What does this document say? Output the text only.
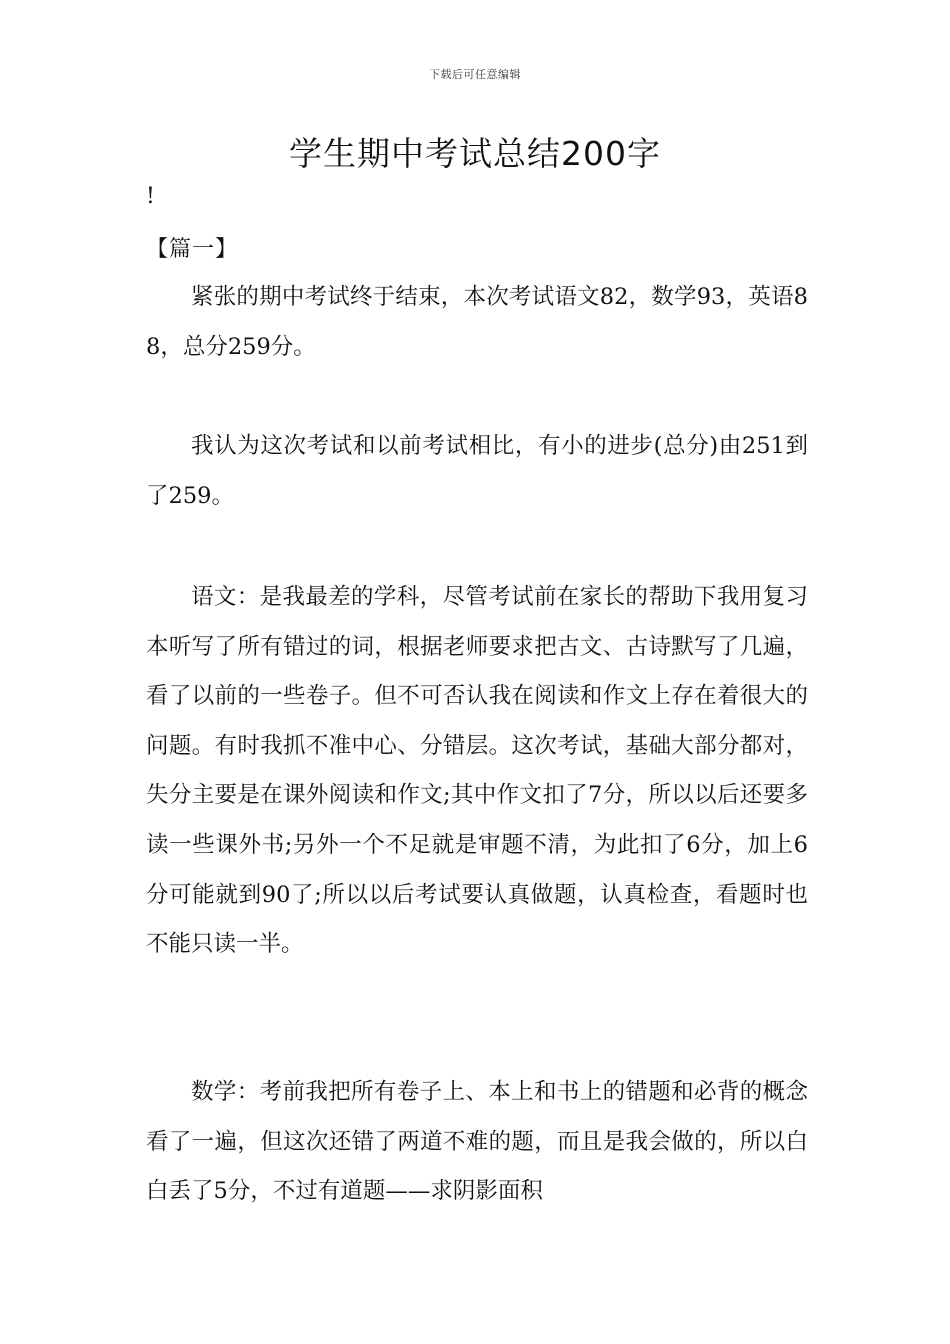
下载后可任意编辑
学生期中考试总结200字
!
【篇一】

紧张的期中考试终于结束，本次考试语文82，数学93，英语88，总分259分。

我认为这次考试和以前考试相比，有小的进步(总分)由251到了259。

语文：是我最差的学科，尽管考试前在家长的帮助下我用复习本听写了所有错过的词，根据老师要求把古文、古诗默写了几遍，看了以前的一些卷子。但不可否认我在阅读和作文上存在着很大的问题。有时我抓不准中心、分错层。这次考试，基础大部分都对，失分主要是在课外阅读和作文;其中作文扣了7分，所以以后还要多读一些课外书;另外一个不足就是审题不清，为此扣了6分，加上6分可能就到90了;所以以后考试要认真做题，认真检查，看题时也不能只读一半。

数学：考前我把所有卷子上、本上和书上的错题和必背的概念看了一遍，但这次还错了两道不难的题，而且是我会做的，所以白白丢了5分，不过有道题——求阴影面积
